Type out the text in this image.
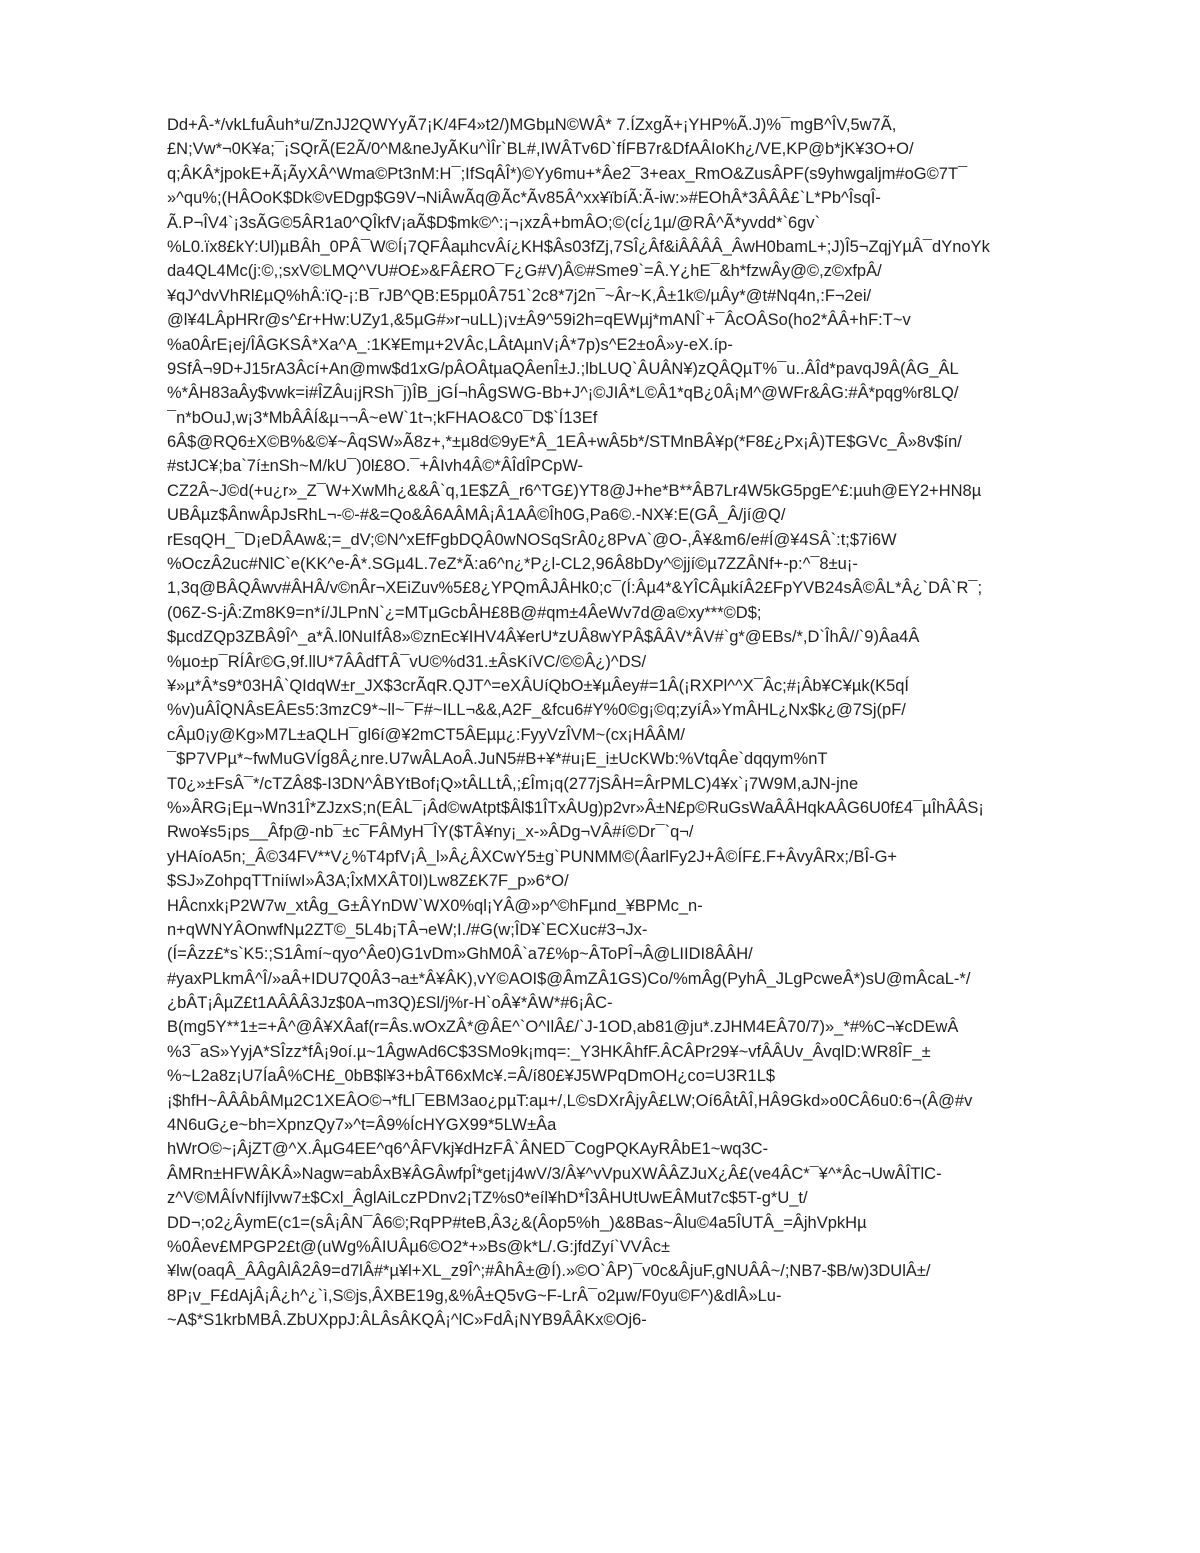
Dd+Â-*/vkLfuÂuh*u/ZnJJ2QWYyÃ7¡K/4F4»t2/)MGbµN©WÂ* 7.ÍZxgÃ+¡YHP%Ã.J)%¯mgB^ÎV,5w7Ã,
£N;Vw*¬0K¥a;¯¡SQrÃ(E2Ã/0^M&neJyÃKu^ÌÎr`BL#,IWÂTv6D`fÍFB7r&DfAÂIoKh¿/VE,KP@b*jK¥3O+O/
q;ÂKÂ*jpokE+Ã¡ÃyXÂ^Wma©Pt3nM:H¯;IfSqÂÎ*)©Yy6mu+*Âe2¯3+eax_RmO&ZusÂPF(s9yhwgaljm#oG©7T¯
»^qu%;(HÂOoK$Dk©vEDgp$G9V¬NiÂwÃq@Ãc*Ãv85Â^xx¥ïbíÃ:Ã-iw:»#EOhÂ*3ÂÂÂ£`L*Pb^ÎsqÎ-
Ã.P¬ÎV4`¡3sÃG©5ÂR1a0^QÎkfV¡aÃ$D$mk©^:¡¬¡xzÂ+bmÂO;©(cÍ¿1µ/@RÂ^Ã*yvdd*`6gv`
%L0.ïx8£kY:Ul)µBÂh_0PÂ¯W©Í¡7QFÂaµhcvÂí¿KH$Âs03fZj,7SÎ¿Âf&iÂÂÂÂ_ÂwH0bamL+;J)Î5¬ZqjYµÂ¯dYnoYk
da4QL4Mc(j:©,;sxV©LMQ^VU#O£»&FÂ£RO¯F¿G#V)Â©#Sme9`=Â.Y¿hE¯&h*fzwÂy@©,z©xfpÂ/
¥qJ^dvVhRl£µQ%hÂ:ïQ-¡:B¯rJB^QB:E5pµ0Â751`2c8*7j2n¯~Âr~K,Â±1k©/µÂy*@t#Nq4n,:F¬2ei/
@l¥4LÂpHRr@s^£r+Hw:UZy1,&5µG#»r¬uLL)¡v±Â9^59i2h=qEWµj*mANÎ`+¯ÂcOÂSo(ho2*ÂÂ+hF:T~v
%a0ÂrE¡ej/ÎÂGKSÂ*Xa^A_:1K¥Emµ+2VÂc,LÂtAµnV¡Â*7p)s^E2±oÂ»y-eX.íp-
9SfÂ¬9D+J15rA3Âcí+An@mw$d1xG/pÂOÂtµaQÂenÎ±J.;lbLUQ`ÂUÂN¥)zQÂQµT%¯u..ÂÎd*pavqJ9Â(ÂG_ÂL
%*ÂH83aÂy$vwk=i#ÎZÂu¡jRSh¯j)ÎB_jGÍ¬hÂgSWG-Bb+J^¡©JIÂ*L©Â1*qB¿0Â¡M^@WFr&ÂG:#Â*pqg%r8LQ/
¯n*bOuJ,w¡3*MbÂÂÍ&µ¬¬Â~eW`1t¬;kFHAO&C0¯D$`Í13Ef
6Â$@RQ6±X©B%&©¥~ÂqSW»Ã8z+,*±µ8d©9yE*Â_1EÂ+wÂ5b*/STMnBÂ¥p(*F8£¿Px¡Â)TE$GVc_Â»8v$ín/
#stJC¥;ba`7í±nSh~M/kU¯)0l£8O.¯+ÂIvh4Â©*ÂÎdÎPCpW-
CZ2Â~J©d(+u¿r»_Z¯W+XwMh¿&&Â`q,1E$ZÂ_r6^TG£)YT8@J+he*B**ÂB7Lr4W5kG5pgE^£:µuh@EY2+HN8µ
UBÂµz$ÂnwÂpJsRhL¬-©-#&=Qo&Â6AÂMÂ¡Â1AÂ©Îh0G,Pa6©.-NX¥:E(GÂ_Â/jí@Q/
rEsqQH_¯D¡eDÂAw&;=_dV;©N^xEfFgbDQÂ0wNOSqSrÂ0¿8PvA`@O-,Â¥&m6/e#Í@¥4SÂ`:t;$7i6W
%OczÂ2uc#NlC`e(KK^e-Â*.SGµ4L.7eZ*Ã:a6^n¿*P¿l-CL2,96Â8bDy^©jjí©µ7ZZÂNf+-p:^¯8±u¡-
1,3q@BÂQÂwv#ÂHÂ/v©nÂr¬XEiZuv%5£8¿YPQmÂJÂHk0;c¯(Í:Âµ4*&YÎCÂµkíÂ2£FpYVB24sÂ©ÂL*Â¿`DÂ`R¯;
(06Z-S-jÂ:Zm8K9=n*í/JLPnN`¿=MTµGcbÂH£8B@#qm±4ÂeWv7d@a©xy***©D$;
$µcdZQp3ZBÂ9Î^_a*Â.l0NuIfÂ8»©znEc¥IHV4Â¥erU*zUÂ8wYPÂ$ÂÂV*ÂV#`g*@EBs/*,D`ÎhÂ//`9)Âa4Â
%µo±p¯RÍÂr©G,9f.llU*7ÂÂdfTÂ¯vU©%d31.±ÂsKíVC/©©Â¿)^DS/
¥»µ*Â*s9*03HÂ`QIdqW±r_JX$3crÃqR.QJT^=eXÂUíQbO±¥µÂey#=1Â(¡RXPl^^X¯Âc;#¡Âb¥C¥µk(K5qÍ
%v)uÂÎQNÂsEÂEs5:3mzC9*~ll~¯F#~ILL¬&&,A2F_&fcu6#Y%0©g¡©q;zyíÂ»YmÂHL¿Nx$k¿@7Sj(pF/
cÂµ0¡y@Kg»M7L±aQLH¯gl6í@¥2mCT5ÂEµµ¿:FyyVzÎVM~(cx¡HÂÂM/
¯$P7VPµ*~fwMuGVÍg8Â¿nre.U7wÂLAoÂ.JuN5#B+¥*#u¡E_i±UcKWb:%VtqÂe`dqqym%nT
T0¿»±FsÂ¯*/cTZÂ8$-I3DN^ÂBYtBof¡Q»tÂLLtÂ,;£Îm¡q(277jSÂH=ÂrPMLC)4¥x`¡7W9M,aJN-jne
%»ÂRG¡Eµ¬Wn31Î*ZJzxS;n(EÂL¯¡Âd©wAtpt$Âl$1ÎTxÂUg)p2vr»Â±N£p©RuGsWaÂÂHqkAÂG6U0f£4¯µÎhÂÂS¡
Rwo¥s5¡ps__Âfp@-nb¯±c¯FÂMyH¯ÎY($TÂ¥ny¡_x-»ÂDg¬VÂ#í©Dr¯`q¬/
yHAíoA5n;_Â©34FV**V¿%T4pfV¡Â_l»Â¿ÂXCwY5±g`PUNMM©(ÂarlFy2J+Â©ÍF£.F+ÂvyÂRx;/BÎ-G+
$SJ»ZohpqTTniíwI»Â3A;ÎxMXÂT0I)Lw8Z£K7F_p»6*O/
HÂcnxk¡P2W7w_xtÂg_G±ÂYnDW`WX0%ql¡YÂ@»p^©hFµnd_¥BPMc_n-
n+qWNYÂOnwfNµ2ZT©_5L4b¡TÂ¬eW;I./#G(w;ÎD¥`ECXuc#3¬Jx-
(Í=Âzz£*s`K5:;S1Âmí~qyo^Âe0)G1vDm»GhM0Â`a7£%p~ÂToPÎ¬Â@LIIDI8ÂÂH/
#yaxPLkmÂ^Î/»aÂ+IDU7Q0Â3¬a±*Â¥ÂK),vY©AOI$@ÂmZÂ1GS)Co/%mÂg(PyhÂ_JLgPcweÂ*)sU@mÂcaL-*/
¿bÂT¡ÂµZ£t1AÂÂÂ3Jz$0A¬m3Q)£Sl/j%r-H`oÂ¥*ÂW*#6¡ÂC-
B(mg5Y**1±=+Â^@Â¥XÂaf(r=Âs.wOxZÂ*@ÂE^`O^IlÂ£/`J-1OD,ab81@ju*.zJHM4EÂ70/7)»_*#%C¬¥cDEwÂ
%3¯aS»YyjA*SÎzz*fÂ¡9oí.µ~1ÂgwAd6C$3SMo9k¡mq=:_Y3HKÂhfF.ÂCÂPr29¥~vfÂÂUv_ÂvqlD:WR8ÎF_±
%~L2a8z¡U7ÍaÂ%CH£_0bB$l¥3+bÂT66xMc¥.=Â/í80£¥J5WPqDmOH¿co=U3R1L$
¡$hfH~ÂÂÂbÂMµ2C1XEÂO©¬*fLl¯EBM3ao¿pµT:aµ+/,L©sDXrÂjyÂ£LW;Oí6ÂtÂÎ,HÂ9Gkd»o0CÂ6u0:6¬(Â@#v
4N6uG¿e~bh=XpnzQy7»^t=Â9%ÍcHYGX99*5LW±Âa
hWrO©~¡ÂjZT@^X.ÂµG4EE^q6^ÂFVkj¥dHzFÂ`ÂNED¯CogPQKAyRÂbE1~wq3C-
ÂMRn±HFWÂKÂ»Nagw=abÂxB¥ÂGÂwfpÎ*get¡j4wV/3/Â¥^vVpuXWÂÂZJuX¿Â£(ve4ÂC*¯¥^*Âc¬UwÂÎTlC-
z^V©MÂÍvNfíjlvw7±$Cxl_ÂglAiLczPDnv2¡TZ%s0*eíl¥hD*Î3ÂHUtUwEÂMut7c$5T-g*U_t/
DD¬;o2¿ÂymE(c1=(sÂ¡ÂN¯Â6©;RqPP#teB,Â3¿&(Âop5%h_)&8Bas~Âlu©4a5ÎUTÂ_=ÂjhVpkHµ
%0Âev£MPGP2£t@(uWg%ÂIUÂµ6©O2*+»Bs@k*L/.G:jfdZyí`VVÂc±
¥lw(oaqÂ_ÂÂgÂlÂ2Â9=d7lÂ#*µ¥l+XL_z9Î^;#ÂhÂ±@Í).»©O`ÂP)¯v0c&ÂjuF,gNUÂÂ~/;NB7-$B/w)3DUlÂ±/
8P¡v_F£dAjÂ¡Â¿h^¿`ì,S©js,ÂXBE19g,&%Â±Q5vG~F-LrÂ¯o2µw/F0yu©F^)&dlÂ»Lu-
~A$*S1krbMBÂ.ZbUXppJ:ÂLÂsÂKQÂ¡^lC»FdÂ¡NYB9ÂÂKx©Oj6-
